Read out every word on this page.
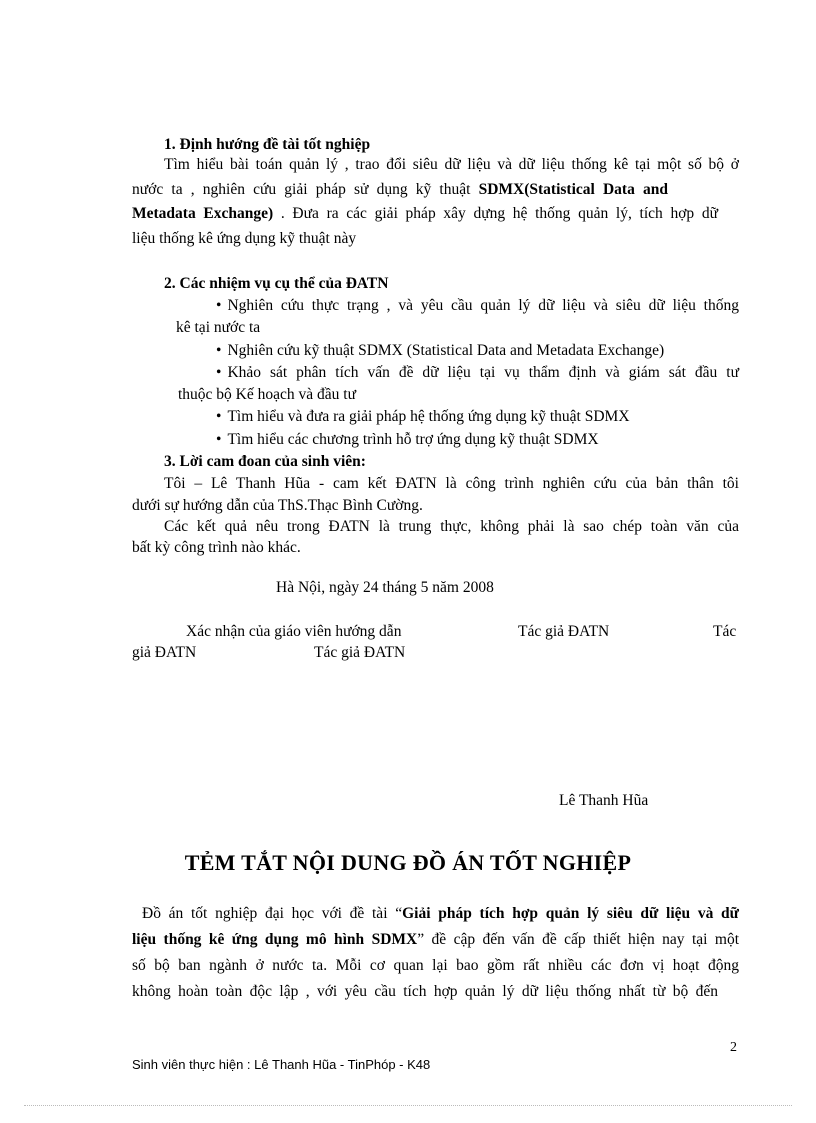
1. Định hướng đề tài tốt nghiệp
Tìm hiểu bài toán quản lý , trao đổi siêu dữ liệu và dữ liệu thống kê tại một số bộ ở
nước ta , nghiên cứu giải pháp sử dụng kỹ thuật SDMX(Statistical Data and
Metadata Exchange) . Đưa ra các giải pháp xây dựng hệ thống quản lý, tích hợp dữ
liệu thống kê ứng dụng kỹ thuật này
2. Các nhiệm vụ cụ thể của ĐATN
• Nghiên cứu thực trạng , và yêu cầu quản lý dữ liệu và siêu dữ liệu thống
kê tại nước ta
• Nghiên cứu kỹ thuật SDMX (Statistical Data and Metadata Exchange)
• Khảo sát phân tích vấn đề dữ liệu tại vụ thẩm định và giám sát đầu tư
thuộc bộ Kế hoạch và đầu tư
• Tìm hiểu và đưa ra giải pháp hệ thống ứng dụng kỹ thuật SDMX
• Tìm hiểu các chương trình hỗ trợ ứng dụng kỹ thuật SDMX
3. Lời cam đoan của sinh viên:
Tôi – Lê Thanh Hũa - cam kết ĐATN là công trình nghiên cứu của bản thân tôi
dưới sự hướng dẫn của ThS.Thạc Bình Cường.
Các kết quả nêu trong ĐATN là trung thực, không phải là sao chép toàn văn của
bất kỳ công trình nào khác.
Hà Nội, ngày 24 tháng 5 năm 2008
Xác nhận của giáo viên hướng dẫn	Tác giả ĐATN	Tác
giả ĐATN	Tác giả ĐATN
Lê Thanh Hũa
TẺM TẮT NỘI DUNG ĐỒ ÁN TỐT NGHIỆP
Đồ án tốt nghiệp đại học với đề tài “Giải pháp tích hợp quản lý siêu dữ liệu và dữ
liệu thống kê ứng dụng mô hình SDMX” đề cập đến vấn đề cấp thiết hiện nay tại một
số bộ ban ngành ở nước ta. Mỗi cơ quan lại bao gồm rất nhiều các đơn vị hoạt động
không hoàn toàn độc lập , với yêu cầu tích hợp quản lý dữ liệu thống nhất từ bộ đến
2
Sinh viên thực hiện : Lê Thanh Hũa - TinPhóp - K48
